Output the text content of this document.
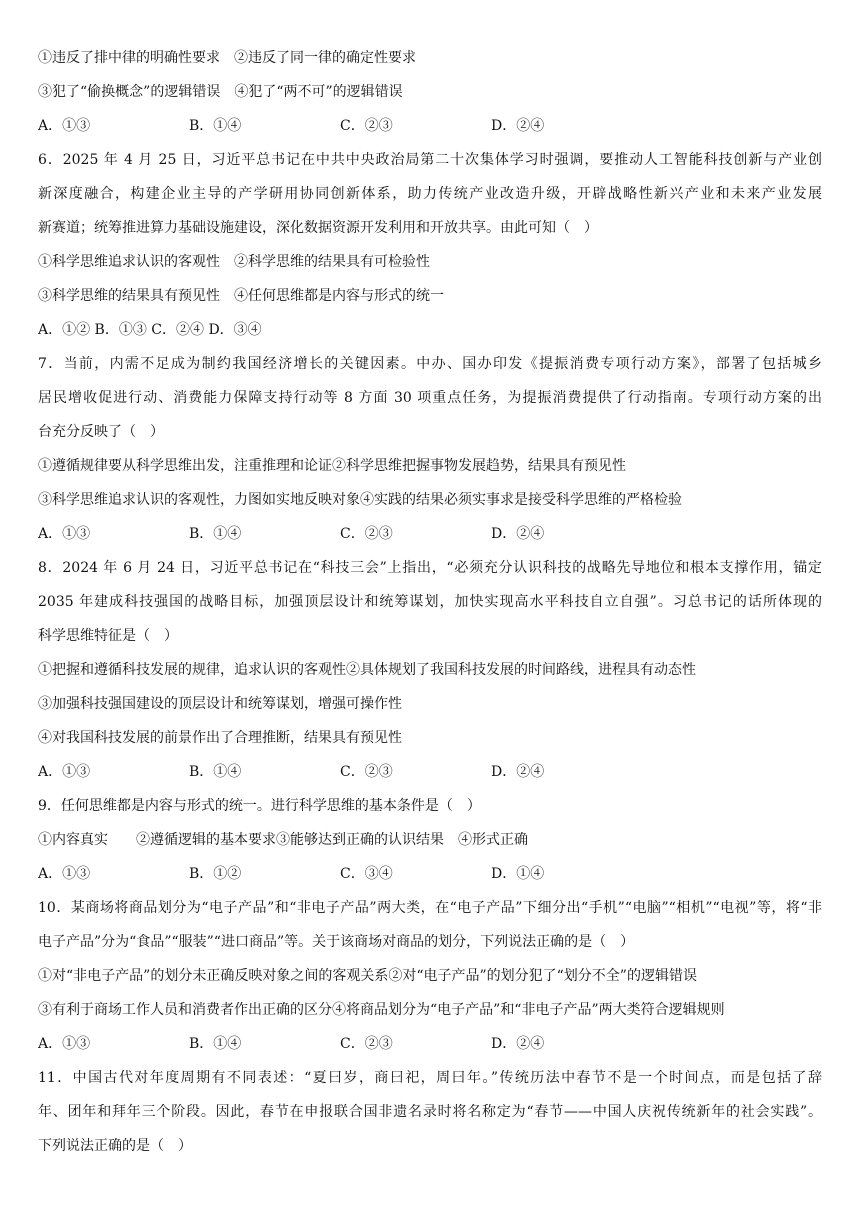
①违反了排中律的明确性要求　②违反了同一律的确定性要求
③犯了“偷换概念”的逻辑错误　④犯了“两不可”的逻辑错误
A．①③	B．①④	C．②③	D．②④
6．2025 年 4 月 25 日，习近平总书记在中共中央政治局第二十次集体学习时强调，要推动人工智能科技创新与产业创
新深度融合，构建企业主导的产学研用协同创新体系，助力传统产业改造升级，开辟战略性新兴产业和未来产业发展
新赛道；统筹推进算力基础设施建设，深化数据资源开发利用和开放共享。由此可知（　）
①科学思维追求认识的客观性　②科学思维的结果具有可检验性
③科学思维的结果具有预见性　④任何思维都是内容与形式的统一
A．①② B．①③ C．②④ D．③④
7．当前，内需不足成为制约我国经济增长的关键因素。中办、国办印发《提振消费专项行动方案》，部署了包括城乡
居民增收促进行动、消费能力保障支持行动等 8 方面 30 项重点任务，为提振消费提供了行动指南。专项行动方案的出
台充分反映了（　）
①遵循规律要从科学思维出发，注重推理和论证②科学思维把握事物发展趋势，结果具有预见性
③科学思维追求认识的客观性，力图如实地反映对象④实践的结果必须实事求是接受科学思维的严格检验
A．①③	B．①④	C．②③	D．②④
8．2024 年 6 月 24 日，习近平总书记在“科技三会”上指出，“必须充分认识科技的战略先导地位和根本支撑作用，锚定
2035 年建成科技强国的战略目标，加强顶层设计和统筹谋划，加快实现高水平科技自立自强”。习总书记的话所体现的
科学思维特征是（　）
①把握和遵循科技发展的规律，追求认识的客观性②具体规划了我国科技发展的时间路线，进程具有动态性
③加强科技强国建设的顶层设计和统筹谋划，增强可操作性
④对我国科技发展的前景作出了合理推断，结果具有预见性
A．①③	B．①④	C．②③	D．②④
9．任何思维都是内容与形式的统一。进行科学思维的基本条件是（　）
①内容真实　　②遵循逻辑的基本要求③能够达到正确的认识结果　④形式正确
A．①③	B．①②	C．③④	D．①④
10．某商场将商品划分为“电子产品”和“非电子产品”两大类，在“电子产品”下细分出“手机”“电脑”“相机”“电视”等，将“非
电子产品”分为“食品”“服装”“进口商品”等。关于该商场对商品的划分，下列说法正确的是（　）
①对“非电子产品”的划分未正确反映对象之间的客观关系②对“电子产品”的划分犯了“划分不全”的逻辑错误
③有利于商场工作人员和消费者作出正确的区分④将商品划分为“电子产品”和“非电子产品”两大类符合逻辑规则
A．①③	B．①④	C．②③	D．②④
11．中国古代对年度周期有不同表述：“夏曰岁，商曰祀，周曰年。”传统历法中春节不是一个时间点，而是包括了辞
年、团年和拜年三个阶段。因此，春节在申报联合国非遗名录时将名称定为“春节——中国人庆祝传统新年的社会实践”。
下列说法正确的是（　）
